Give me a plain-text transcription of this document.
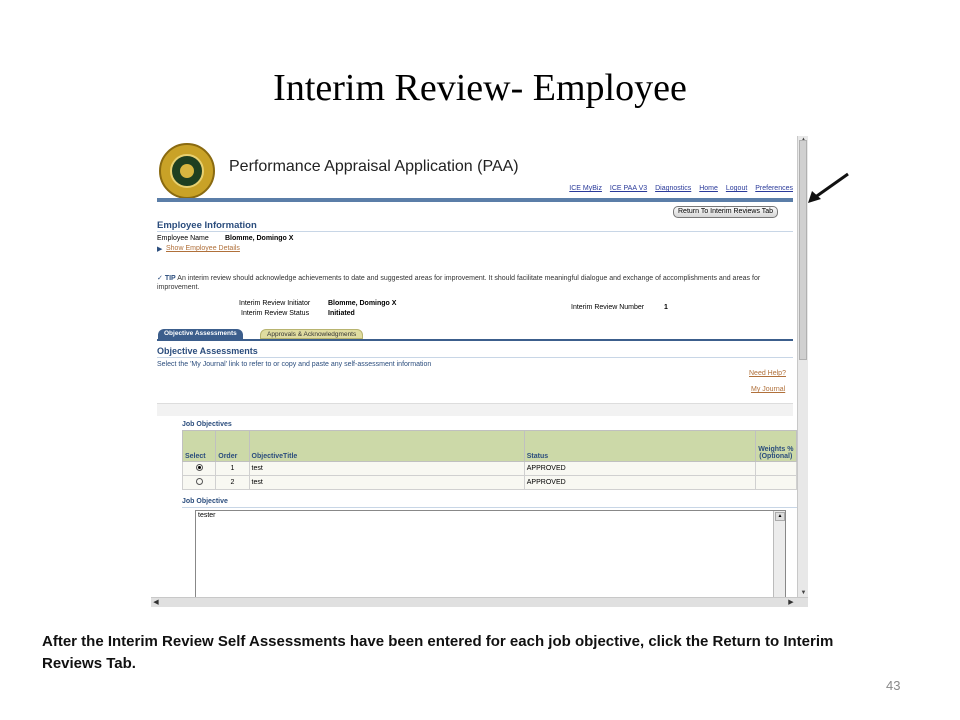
Interim Review- Employee
Performance Appraisal Application (PAA)
ICE MyBiz ICE PAA V3 Diagnostics Home Logout Preferences
Return To Interim Reviews Tab
Employee Information
Employee Name Blomme, Domingo X
▶ Show Employee Details
✓ TIP An interim review should acknowledge achievements to date and suggested areas for improvement. It should facilitate meaningful dialogue and exchange of accomplishments and areas for improvement.
Interim Review Initiator	Blomme, Domingo X
Interim Review Status	Initiated
Interim Review Number	1
Objective Assessments	Approvals & Acknowledgments
Objective Assessments
Select the 'My Journal' link to refer to or copy and paste any self-assessment information
Need Help?
My Journal
Job Objectives
Select	Order	ObjectiveTitle	Status	Weights % (Optional)
	1	test	APPROVED	
	2	test	APPROVED	
Job Objective
tester	▲
▼
◀	▶
After the Interim Review Self Assessments have been entered for each job objective, click the Return to Interim Reviews Tab.
43
